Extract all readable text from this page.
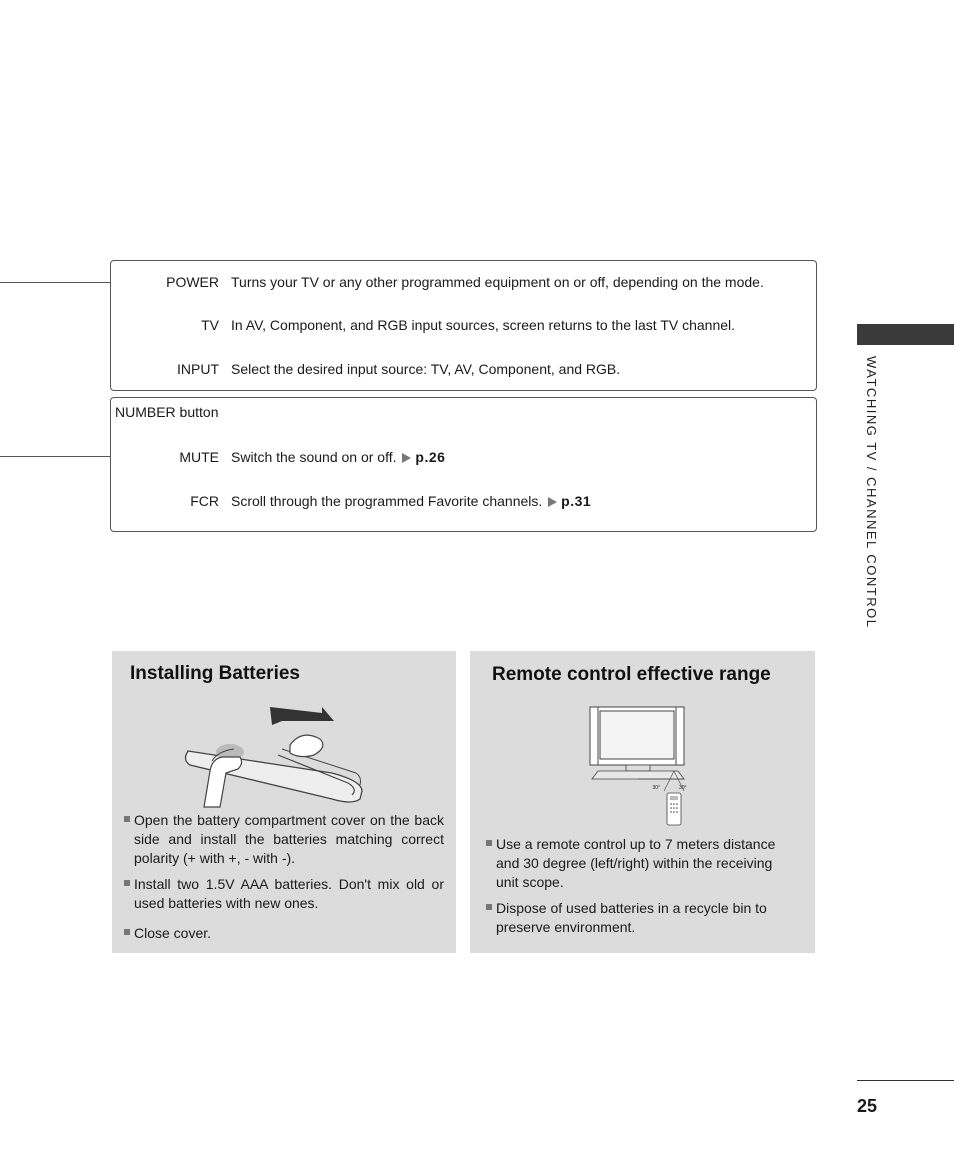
POWER Turns your TV or any other programmed equipment on or off, depending on the mode.
TV In AV, Component, and RGB input sources, screen returns to the last TV channel.
INPUT Select the desired input source: TV, AV, Component, and RGB.
NUMBER button
MUTE Switch the sound on or off. p.26
FCR Scroll through the programmed Favorite channels. p.31	WATCHING TV / CHANNEL CONTROL
Installing Batteries
Open the battery compartment cover on the back side and install the batteries matching correct polarity (+ with +, - with -).
Install two 1.5V AAA batteries. Don't mix old or used batteries with new ones.
Close cover.
Remote control effective range
30°	30°
Use a remote control up to 7 meters distance and 30 degree (left/right) within the receiving unit scope.
Dispose of used batteries in a recycle bin to preserve environment.
25
